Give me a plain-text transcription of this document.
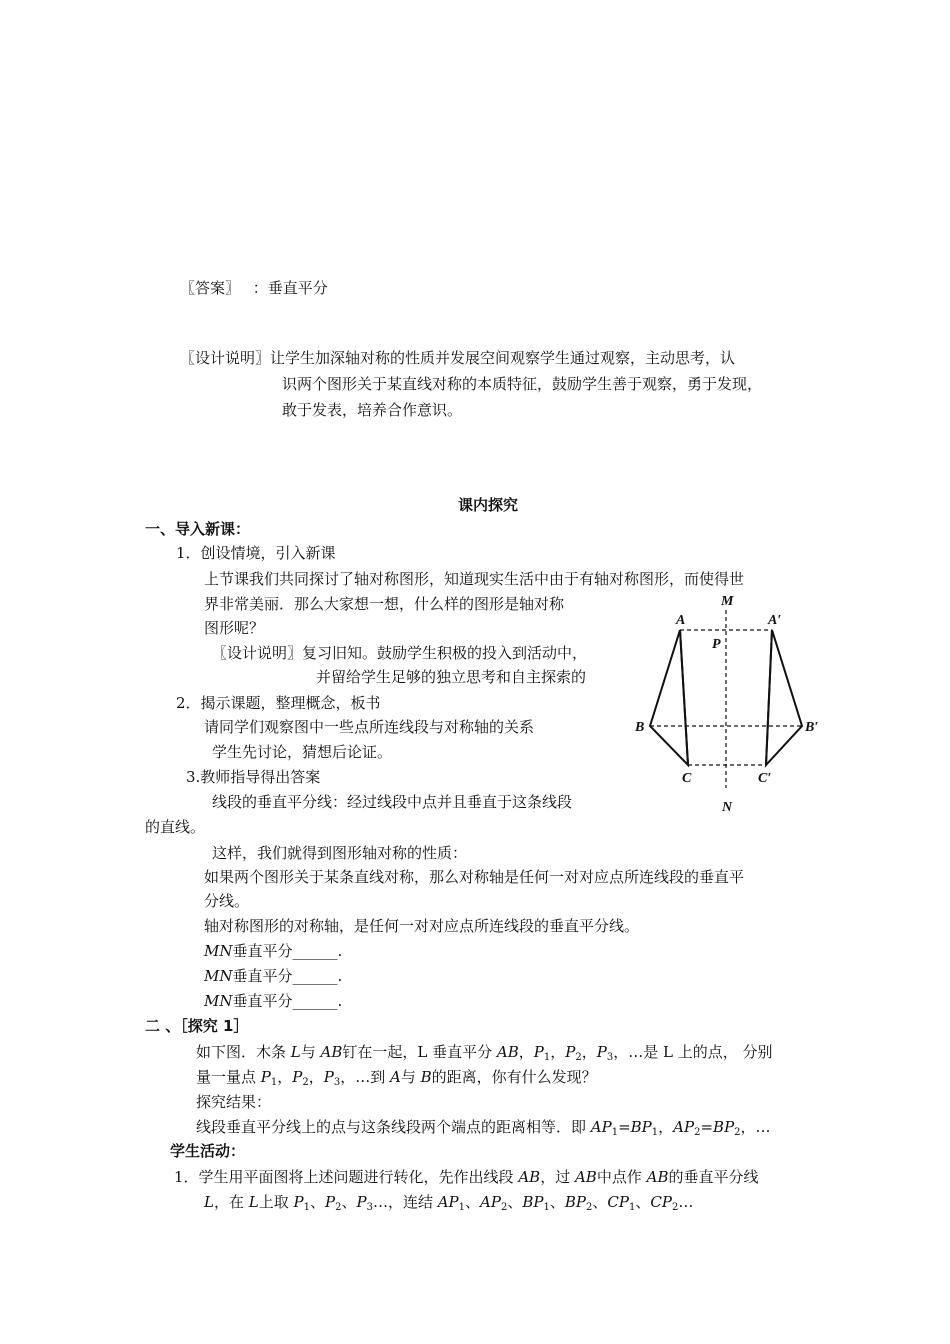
〖答案〗 ：垂直平分
〖设计说明〗让学生加深轴对称的性质并发展空间观察学生通过观察，主动思考，认
识两个图形关于某直线对称的本质特征，鼓励学生善于观察，勇于发现，
敢于发表，培养合作意识。
课内探究
一、导入新课：
1．创设情境，引入新课
上节课我们共同探讨了轴对称图形，知道现实生活中由于有轴对称图形，而使得世
界非常美丽．那么大家想一想，什么样的图形是轴对称
图形呢？
〖设计说明〗复习旧知。鼓励学生积极的投入到活动中，
并留给学生足够的独立思考和自主探索的
2．揭示课题，整理概念，板书
请同学们观察图中一些点所连线段与对称轴的关系
学生先讨论，猜想后论证。
3.教师指导得出答案
线段的垂直平分线：经过线段中点并且垂直于这条线段
的直线。
这样，我们就得到图形轴对称的性质：
如果两个图形关于某条直线对称，那么对称轴是任何一对对应点所连线段的垂直平
分线。
轴对称图形的对称轴，是任何一对对应点所连线段的垂直平分线。
MN垂直平分______.
MN垂直平分______.
MN垂直平分______.
M
N
P
A	A′
B	B′
C	C′
二 、［探究 1］
如下图．木条 L与 AB钉在一起，L 垂直平分 AB，$P_1$，$P_2$，$P_3$，…是 L 上的点， 分别
量一量点 $P_1$，$P_2$，$P_3$，…到 A与 B的距离，你有什么发现？
探究结果：
线段垂直平分线上的点与这条线段两个端点的距离相等．即 $AP_1=BP_1$，$AP_2=BP_2$，…
学生活动：
1．学生用平面图将上述问题进行转化，先作出线段 AB，过 AB中点作 AB的垂直平分线
L，在 L上取 $P_1$、$P_2$、$P_3\dots$，连结 $AP_1$、$AP_2$、$BP_1$、$BP_2$、$CP_1$、$CP_2\dots$
